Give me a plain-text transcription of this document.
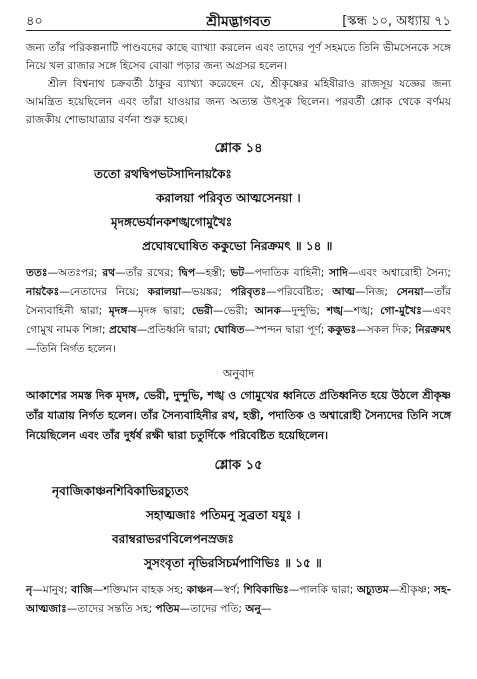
৪০	শ্রীমদ্ভাগবত	[স্কন্ধ ১০, অধ্যায় ৭১

জন্য তাঁর পরিকল্পনাটি পাণ্ডবদের কাছে ব্যাখ্যা করলেন এবং তাদের পূর্ণ সহমতে তিনি ভীমসেনকে সঙ্গে নিয়ে খল রাজার সঙ্গে হিসেব বোঝা পড়ার জন্য অগ্রসর হলেন।

শ্রীল বিশ্বনাথ চক্রবর্তী ঠাকুর ব্যাখ্যা করেছেন যে, শ্রীকৃষ্ণের মহিষীরাও রাজসূয় যজ্ঞের জন্য আমন্ত্রিত হয়েছিলেন এবং তাঁরা যাওয়ার জন্য অত্যন্ত উৎসুক ছিলেন। পরবর্তী শ্লোক থেকে বর্ণময় রাজকীয় শোভাযাত্রার বর্ণনা শুরু হচ্ছে।

শ্লোক ১৪

ততো রথদ্বিপভটসাদিনায়কৈঃ

করালয়া পরিবৃত আত্মসেনয়া ।

মৃদঙ্গভের্যানকশঙ্খগোমুখৈঃ

প্রঘোষঘোষিত ককুভো নিরক্রমৎ ॥ ১৪ ॥

ততঃ—অতঃপর; রথ—তাঁর রথের; দ্বিপ—হস্তী; ভট—পদাতিক বাহিনী; সাদি—এবং অশ্বারোহী সৈন্য; নায়কৈঃ—নেতাদের নিয়ে; করালয়া—ভয়ঙ্কর; পরিবৃতঃ—পরিবেষ্টিত; আত্ম—নিজ; সেনয়া—তাঁর সৈন্যবাহিনী দ্বারা; মৃদঙ্গ—মৃদঙ্গ দ্বারা; ভেরী—ভেরী; আনক—দুন্দুভি; শঙ্খ—শঙ্খ; গো-মুখৈঃ—এবং গোমুখ নামক শিঙ্গা; প্রঘোষ—প্রতিধ্বনি দ্বারা; ঘোষিত—স্পন্দন দ্বারা পূর্ণ; ককুভঃ—সকল দিক; নিরক্রমৎ—তিনি নির্গত হলেন।

অনুবাদ

আকাশের সমস্ত দিক মৃদঙ্গ, ভেরী, দুন্দুভি, শঙ্খ ও গোমুখের ধ্বনিতে প্রতিধ্বনিত হয়ে উঠলে শ্রীকৃষ্ণ তাঁর যাত্রায় নির্গত হলেন। তাঁর সৈন্যবাহিনীর রথ, হস্তী, পদাতিক ও অশ্বারোহী সৈন্যদের তিনি সঙ্গে নিয়েছিলেন এবং তাঁর দুর্ধর্ষ রক্ষী দ্বারা চতুর্দিকে পরিবেষ্টিত হয়েছিলেন।

শ্লোক ১৫

নৃবাজিকাঞ্চনশিবিকাভিরচ্যুতং

সহাত্মজাঃ পতিমনু সুব্রতা যযুঃ ।

বরাম্বরাভরণবিলেপনস্রজঃ

সুসংবৃতা নৃভিরসিচর্মপাণিভিঃ ॥ ১৫ ॥

নৃ—মানুষ; বাজি—শক্তিমান বাহক সহ; কাঞ্চন—স্বর্ণ; শিবিকাভিঃ—পালকি দ্বারা; অচ্যুতম—শ্রীকৃষ্ণ; সহ-আত্মজাঃ—তাদের সন্ততি সহ; পতিম—তাদের পতি; অনু—
